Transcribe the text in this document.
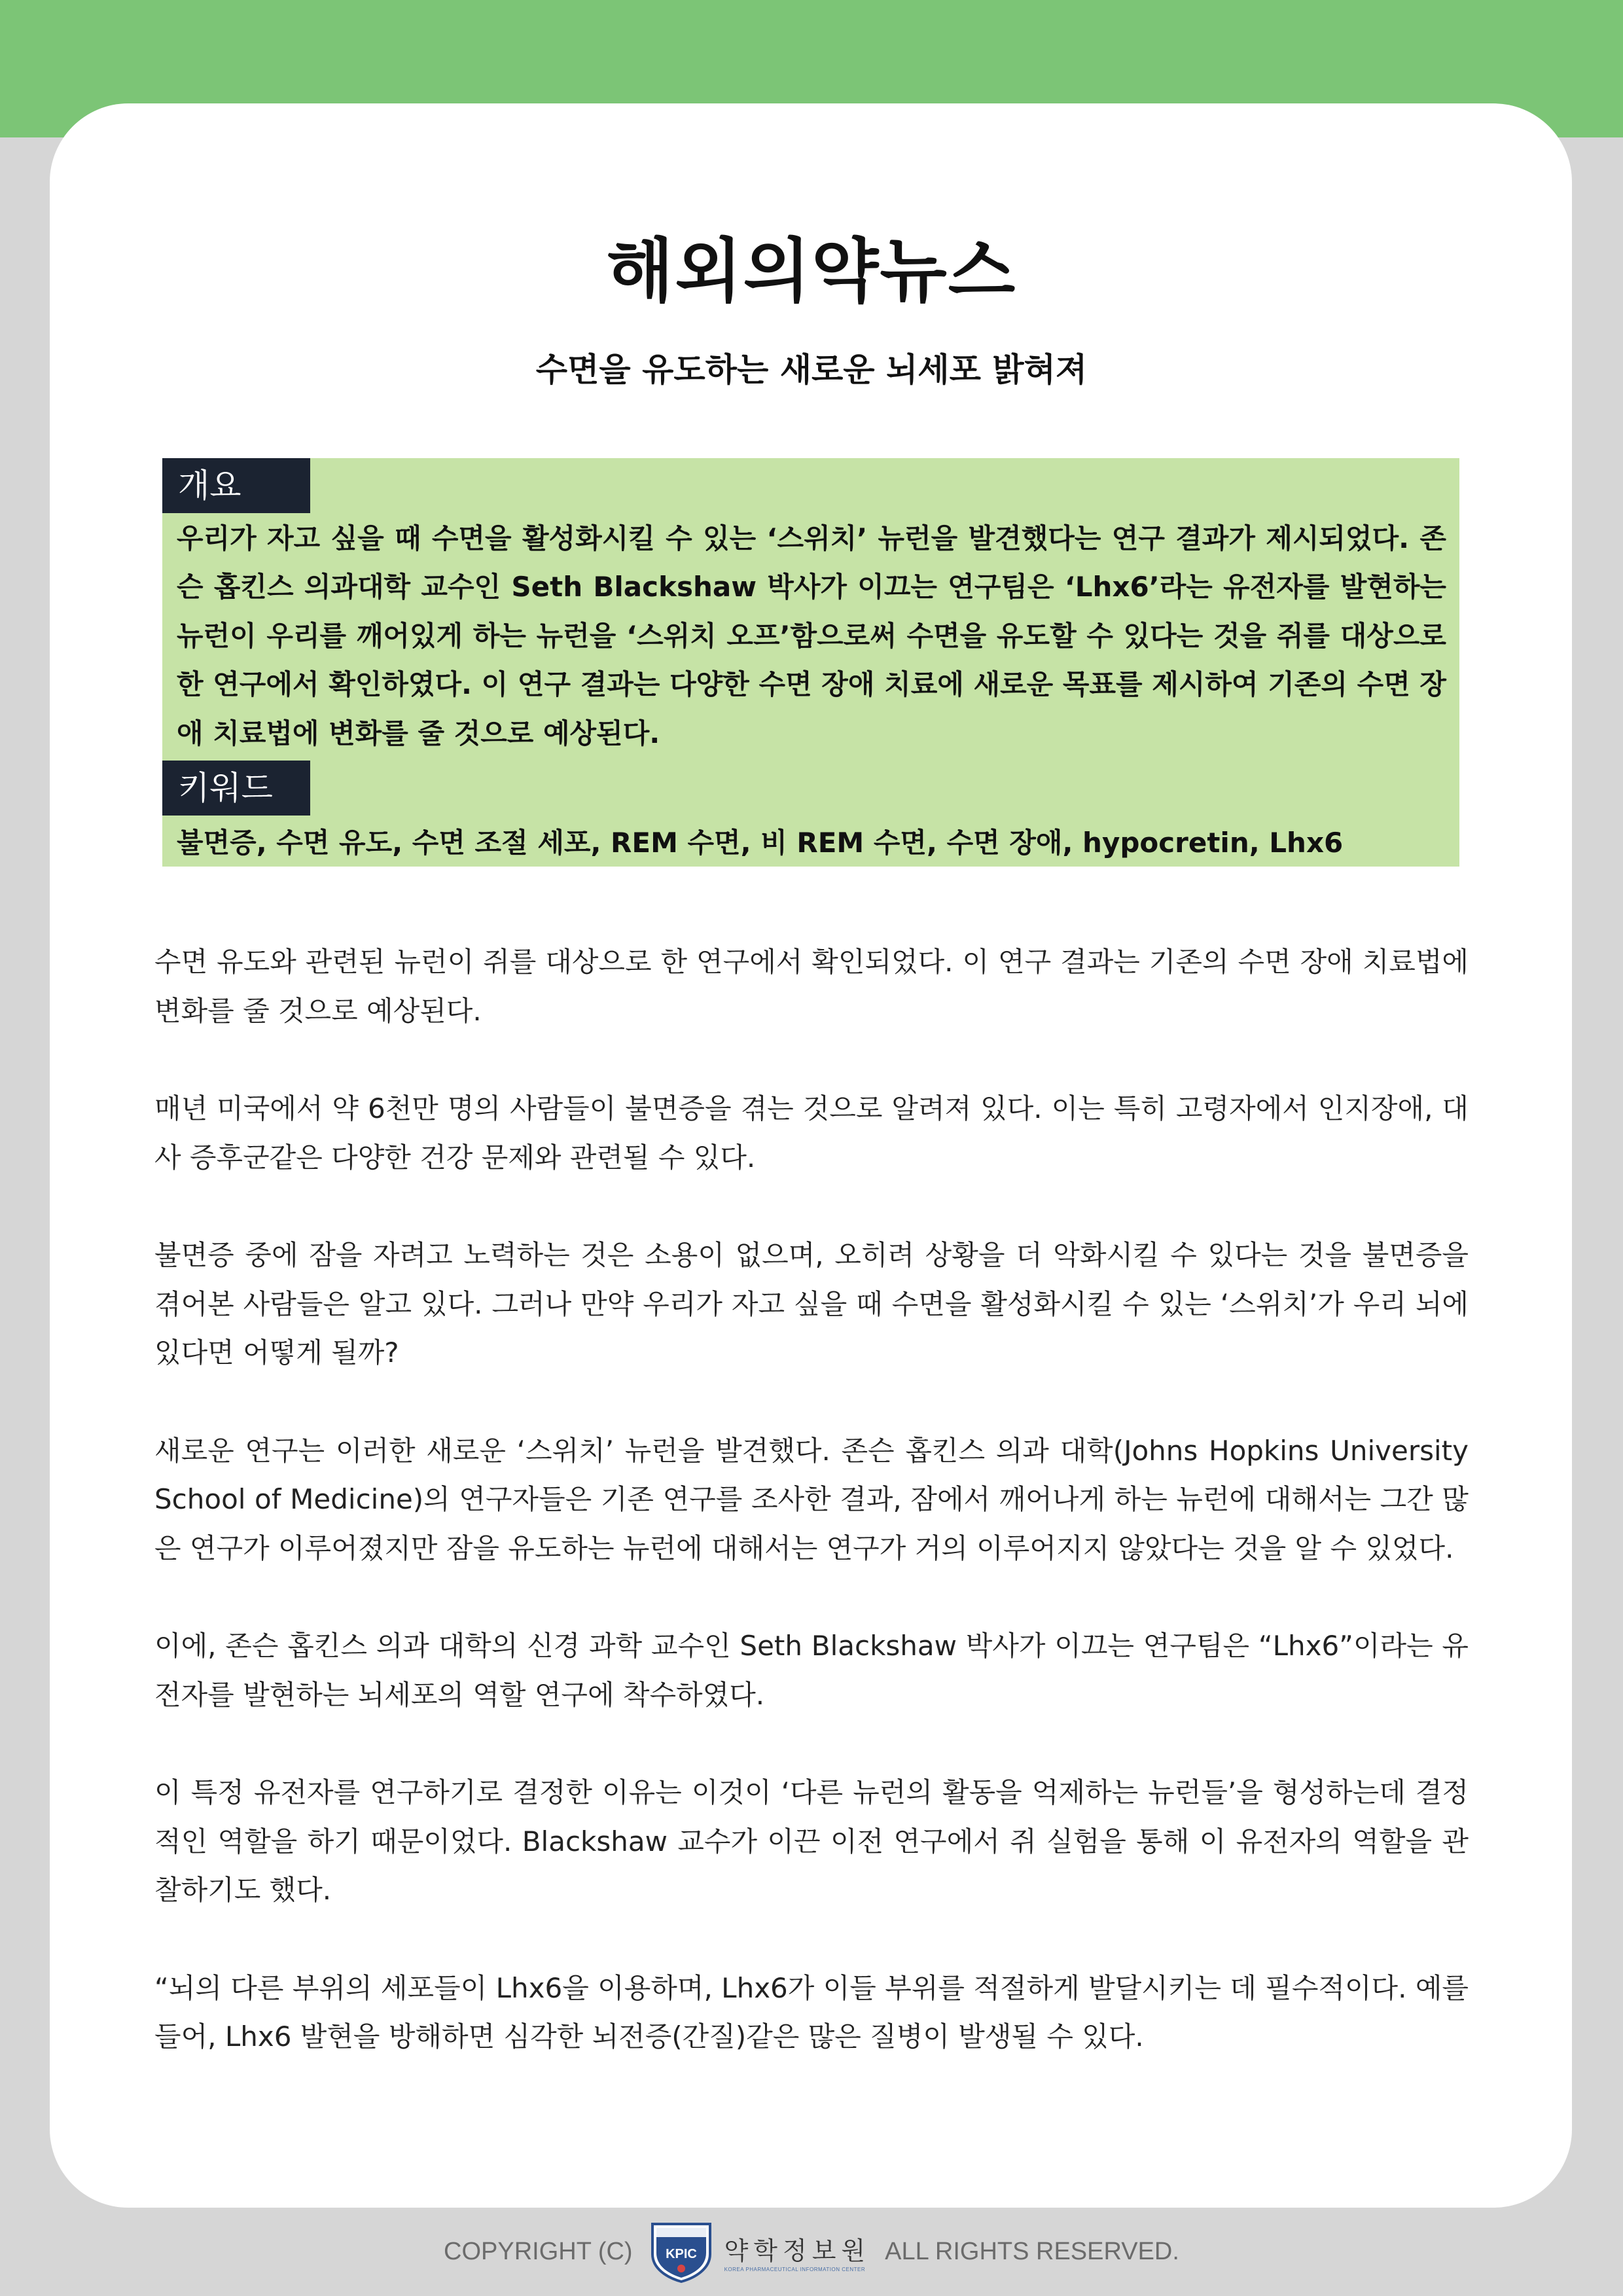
해외의약뉴스
수면을 유도하는 새로운 뇌세포 밝혀져
개요
우리가 자고 싶을 때 수면을 활성화시킬 수 있는 ‘스위치’ 뉴런을 발견했다는 연구 결과가 제시되었다. 존슨 홉킨스 의과대학 교수인 Seth Blackshaw 박사가 이끄는 연구팀은 ‘Lhx6’라는 유전자를 발현하는 뉴런이 우리를 깨어있게 하는 뉴런을 ‘스위치 오프’함으로써 수면을 유도할 수 있다는 것을 쥐를 대상으로 한 연구에서 확인하였다. 이 연구 결과는 다양한 수면 장애 치료에 새로운 목표를 제시하여 기존의 수면 장애 치료법에 변화를 줄 것으로 예상된다.
키워드
불면증, 수면 유도, 수면 조절 세포, REM 수면, 비 REM 수면, 수면 장애, hypocretin, Lhx6

수면 유도와 관련된 뉴런이 쥐를 대상으로 한 연구에서 확인되었다. 이 연구 결과는 기존의 수면 장애 치료법에 변화를 줄 것으로 예상된다.

매년 미국에서 약 6천만 명의 사람들이 불면증을 겪는 것으로 알려져 있다. 이는 특히 고령자에서 인지장애, 대사 증후군같은 다양한 건강 문제와 관련될 수 있다.

불면증 중에 잠을 자려고 노력하는 것은 소용이 없으며, 오히려 상황을 더 악화시킬 수 있다는 것을 불면증을 겪어본 사람들은 알고 있다. 그러나 만약 우리가 자고 싶을 때 수면을 활성화시킬 수 있는 ‘스위치’가 우리 뇌에 있다면 어떻게 될까?

새로운 연구는 이러한 새로운 ‘스위치’ 뉴런을 발견했다. 존슨 홉킨스 의과 대학(Johns Hopkins University School of Medicine)의 연구자들은 기존 연구를 조사한 결과, 잠에서 깨어나게 하는 뉴런에 대해서는 그간 많은 연구가 이루어졌지만 잠을 유도하는 뉴런에 대해서는 연구가 거의 이루어지지 않았다는 것을 알 수 있었다.

이에, 존슨 홉킨스 의과 대학의 신경 과학 교수인 Seth Blackshaw 박사가 이끄는 연구팀은 “Lhx6”이라는 유전자를 발현하는 뇌세포의 역할 연구에 착수하였다.

이 특정 유전자를 연구하기로 결정한 이유는 이것이 ‘다른 뉴런의 활동을 억제하는 뉴런들’을 형성하는데 결정적인 역할을 하기 때문이었다. Blackshaw 교수가 이끈 이전 연구에서 쥐 실험을 통해 이 유전자의 역할을 관찰하기도 했다.

“뇌의 다른 부위의 세포들이 Lhx6을 이용하며, Lhx6가 이들 부위를 적절하게 발달시키는 데 필수적이다. 예를 들어, Lhx6 발현을 방해하면 심각한 뇌전증(간질)같은 많은 질병이 발생될 수 있다.

COPYRIGHT (C)	KPIC 약학정보원
KOREA PHARMACEUTICAL INFORMATION CENTER
ALL RIGHTS RESERVED.
